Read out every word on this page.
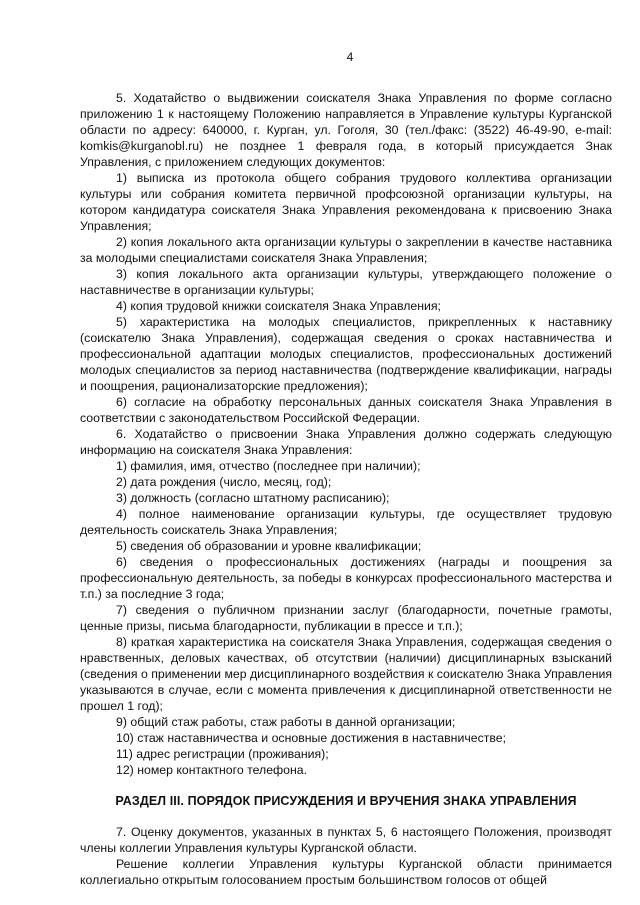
4

5. Ходатайство о выдвижении соискателя Знака Управления по форме согласно приложению 1 к настоящему Положению направляется в Управление культуры Курганской области по адресу: 640000, г. Курган, ул. Гоголя, 30 (тел./факс: (3522) 46-49-90, e-mail: komkis@kurganobl.ru) не позднее 1 февраля года, в который присуждается Знак Управления, с приложением следующих документов:

1) выписка из протокола общего собрания трудового коллектива организации культуры или собрания комитета первичной профсоюзной организации культуры, на котором кандидатура соискателя Знака Управления рекомендована к присвоению Знака Управления;

2) копия локального акта организации культуры о закреплении в качестве наставника за молодыми специалистами соискателя Знака Управления;

3) копия локального акта организации культуры, утверждающего положение о наставничестве в организации культуры;

4) копия трудовой книжки соискателя Знака Управления;

5) характеристика на молодых специалистов, прикрепленных к наставнику (соискателю Знака Управления), содержащая сведения о сроках наставничества и профессиональной адаптации молодых специалистов, профессиональных достижений молодых специалистов за период наставничества (подтверждение квалификации, награды и поощрения, рационализаторские предложения);

6) согласие на обработку персональных данных соискателя Знака Управления в соответствии с законодательством Российской Федерации.

6. Ходатайство о присвоении Знака Управления должно содержать следующую информацию на соискателя Знака Управления:

1) фамилия, имя, отчество (последнее при наличии);

2) дата рождения (число, месяц, год);

3) должность (согласно штатному расписанию);

4) полное наименование организации культуры, где осуществляет трудовую деятельность соискатель Знака Управления;

5) сведения об образовании и уровне квалификации;

6) сведения о профессиональных достижениях (награды и поощрения за профессиональную деятельность, за победы в конкурсах профессионального мастерства и т.п.) за последние 3 года;

7) сведения о публичном признании заслуг (благодарности, почетные грамоты, ценные призы, письма благодарности, публикации в прессе и т.п.);

8) краткая характеристика на соискателя Знака Управления, содержащая сведения о нравственных, деловых качествах, об отсутствии (наличии) дисциплинарных взысканий (сведения о применении мер дисциплинарного воздействия к соискателю Знака Управления указываются в случае, если с момента привлечения к дисциплинарной ответственности не прошел 1 год);

9) общий стаж работы, стаж работы в данной организации;

10) стаж наставничества и основные достижения в наставничестве;

11) адрес регистрации (проживания);

12) номер контактного телефона.

РАЗДЕЛ III. ПОРЯДОК ПРИСУЖДЕНИЯ И ВРУЧЕНИЯ ЗНАКА УПРАВЛЕНИЯ

7. Оценку документов, указанных в пунктах 5, 6 настоящего Положения, производят члены коллегии Управления культуры Курганской области.

Решение коллегии Управления культуры Курганской области принимается коллегиально открытым голосованием простым большинством голосов от общей
